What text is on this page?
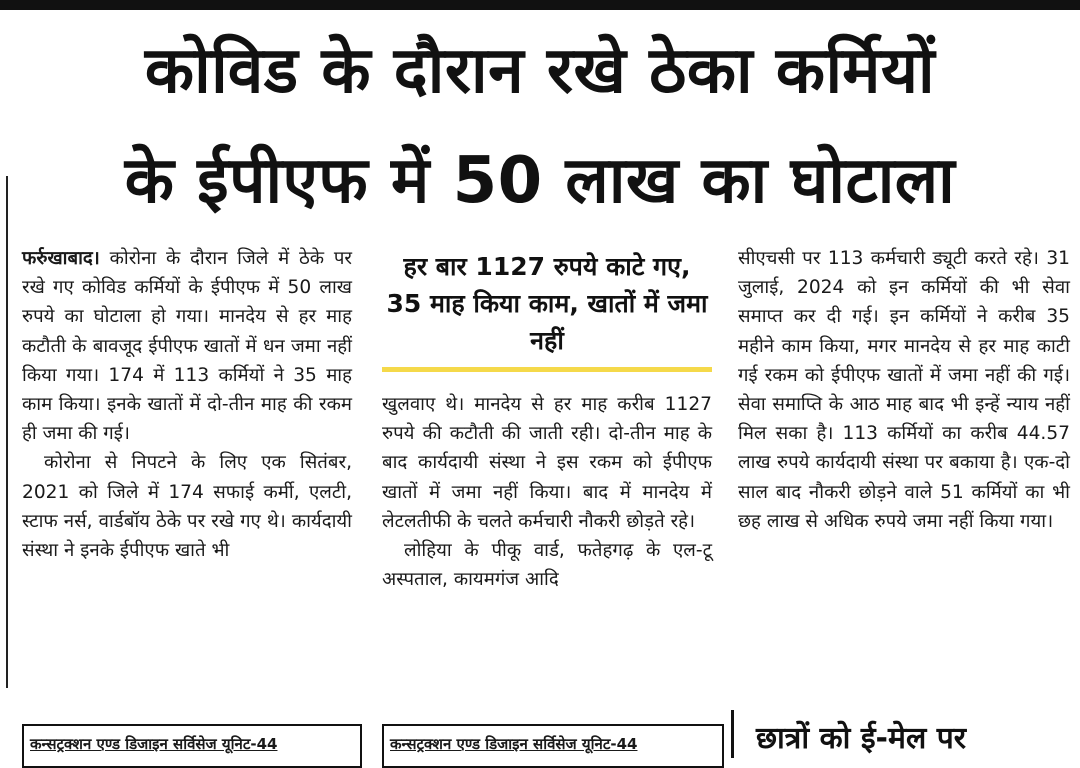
कोविड के दौरान रखे ठेका कर्मियों
के ईपीएफ में 50 लाख का घोटाला

फर्रुखाबाद। कोरोना के दौरान जिले में ठेके पर रखे गए कोविड कर्मियों के ईपीएफ में 50 लाख रुपये का घोटाला हो गया। मानदेय से हर माह कटौती के बावजूद ईपीएफ खातों में धन जमा नहीं किया गया। 174 में 113 कर्मियों ने 35 माह काम किया। इनके खातों में दो-तीन माह की रकम ही जमा की गई।

कोरोना से निपटने के लिए एक सितंबर, 2021 को जिले में 174 सफाई कर्मी, एलटी, स्टाफ नर्स, वार्डबॉय ठेके पर रखे गए थे। कार्यदायी संस्था ने इनके ईपीएफ खाते भी

हर बार 1127 रुपये काटे गए, 35 माह किया काम, खातों में जमा नहीं

खुलवाए थे। मानदेय से हर माह करीब 1127 रुपये की कटौती की जाती रही। दो-तीन माह के बाद कार्यदायी संस्था ने इस रकम को ईपीएफ खातों में जमा नहीं किया। बाद में मानदेय में लेटलतीफी के चलते कर्मचारी नौकरी छोड़ते रहे।

लोहिया के पीकू वार्ड, फतेहगढ़ के एल-टू अस्पताल, कायमगंज आदि

सीएचसी पर 113 कर्मचारी ड्यूटी करते रहे। 31 जुलाई, 2024 को इन कर्मियों की भी सेवा समाप्त कर दी गई। इन कर्मियों ने करीब 35 महीने काम किया, मगर मानदेय से हर माह काटी गई रकम को ईपीएफ खातों में जमा नहीं की गई। सेवा समाप्ति के आठ माह बाद भी इन्हें न्याय नहीं मिल सका है। 113 कर्मियों का करीब 44.57 लाख रुपये कार्यदायी संस्था पर बकाया है। एक-दो साल बाद नौकरी छोड़ने वाले 51 कर्मियों का भी छह लाख से अधिक रुपये जमा नहीं किया गया।

कन्सट्रक्शन एण्ड डिजाइन सर्विसेज यूनिट-44	कन्सट्रक्शन एण्ड डिजाइन सर्विसेज यूनिट-44	छात्रों को ई-मेल पर
